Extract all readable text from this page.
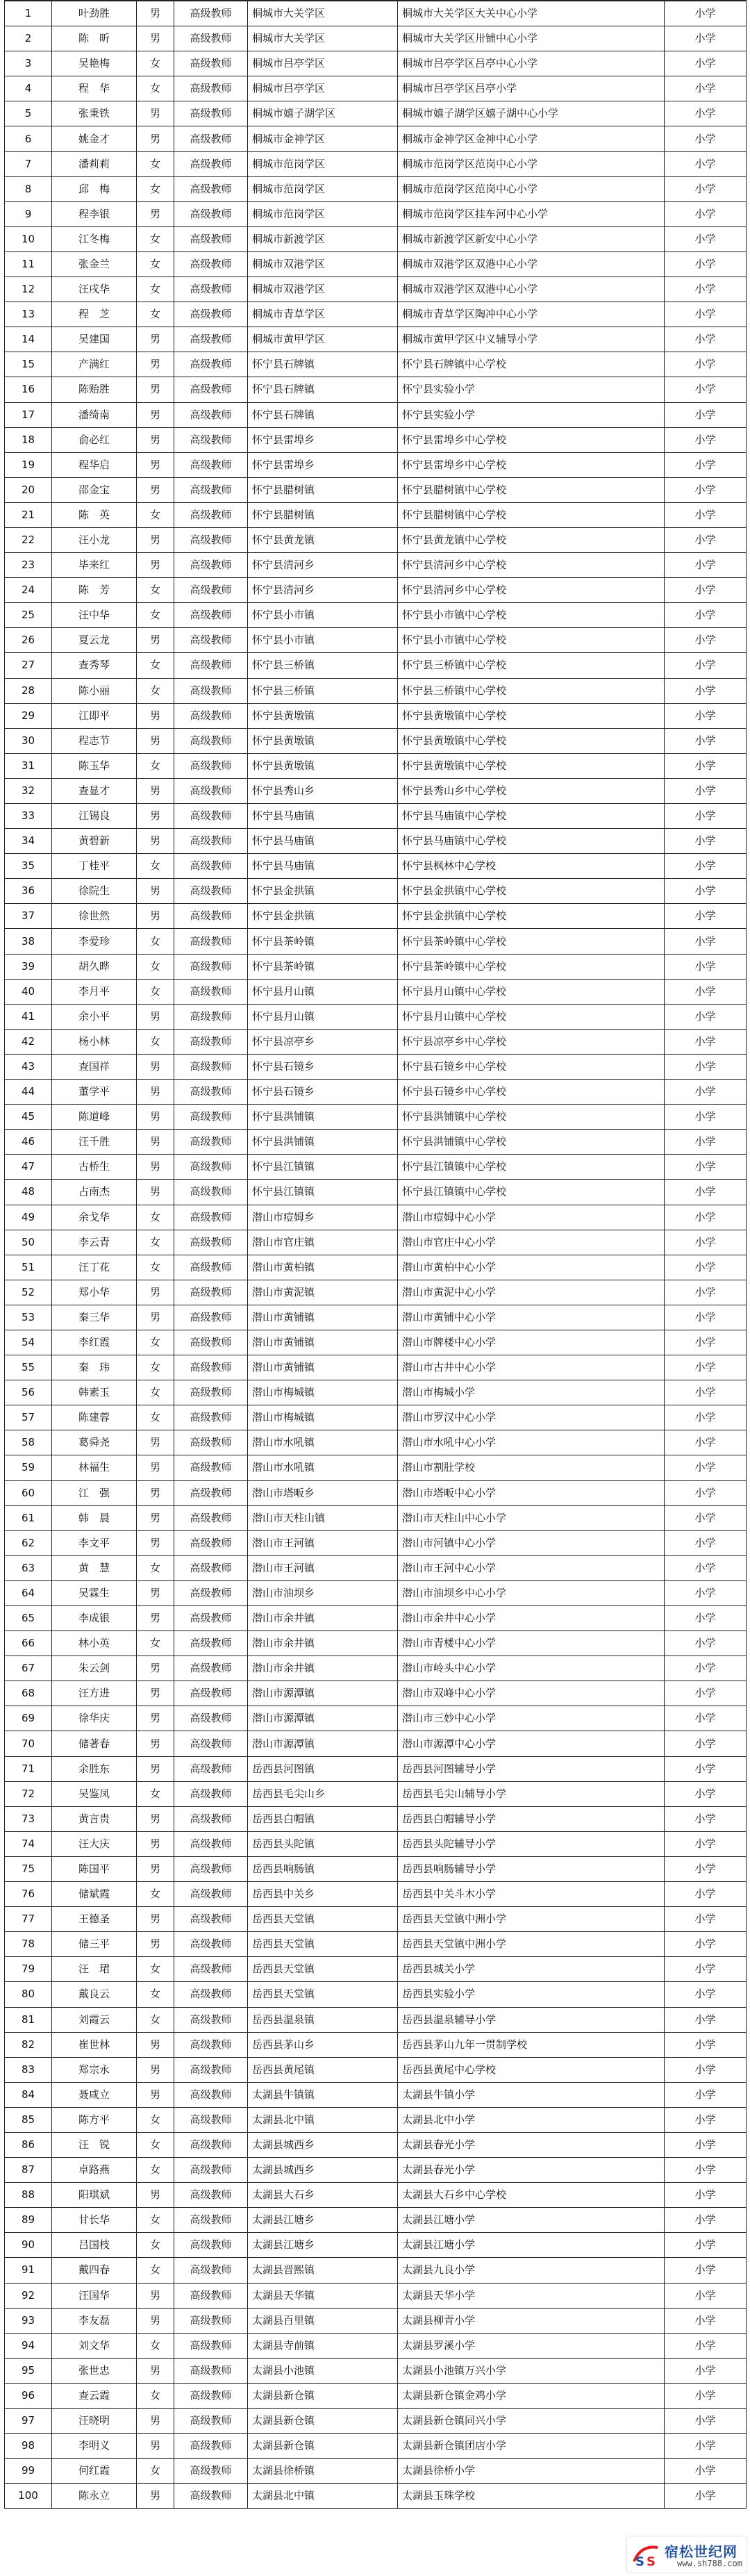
1	叶劲胜	男	高级教师	桐城市大关学区	桐城市大关学区大关中心小学	小学
2	陈　昕	男	高级教师	桐城市大关学区	桐城市大关学区卅铺中心小学	小学
3	吴艳梅	女	高级教师	桐城市吕亭学区	桐城市吕亭学区吕亭中心小学	小学
4	程　华	女	高级教师	桐城市吕亭学区	桐城市吕亭学区吕亭小学	小学
5	张秉铁	男	高级教师	桐城市嬉子湖学区	桐城市嬉子湖学区嬉子湖中心小学	小学
6	姚金才	男	高级教师	桐城市金神学区	桐城市金神学区金神中心小学	小学
7	潘莉莉	女	高级教师	桐城市范岗学区	桐城市范岗学区范岗中心小学	小学
8	邱　梅	女	高级教师	桐城市范岗学区	桐城市范岗学区范岗中心小学	小学
9	程李银	男	高级教师	桐城市范岗学区	桐城市范岗学区挂车河中心小学	小学
10	江冬梅	女	高级教师	桐城市新渡学区	桐城市新渡学区新安中心小学	小学
11	张金兰	女	高级教师	桐城市双港学区	桐城市双港学区双港中心小学	小学
12	汪戌华	女	高级教师	桐城市双港学区	桐城市双港学区双港中心小学	小学
13	程　芝	女	高级教师	桐城市青草学区	桐城市青草学区陶冲中心小学	小学
14	吴建国	男	高级教师	桐城市黄甲学区	桐城市黄甲学区中义辅导小学	小学
15	产满红	男	高级教师	怀宁县石牌镇	怀宁县石牌镇中心学校	小学
16	陈贻胜	男	高级教师	怀宁县石牌镇	怀宁县实验小学	小学
17	潘绮南	男	高级教师	怀宁县石牌镇	怀宁县实验小学	小学
18	俞必红	男	高级教师	怀宁县雷埠乡	怀宁县雷埠乡中心学校	小学
19	程华启	男	高级教师	怀宁县雷埠乡	怀宁县雷埠乡中心学校	小学
20	邵金宝	男	高级教师	怀宁县腊树镇	怀宁县腊树镇中心学校	小学
21	陈　英	女	高级教师	怀宁县腊树镇	怀宁县腊树镇中心学校	小学
22	汪小龙	男	高级教师	怀宁县黄龙镇	怀宁县黄龙镇中心学校	小学
23	毕来红	男	高级教师	怀宁县清河乡	怀宁县清河乡中心学校	小学
24	陈　芳	女	高级教师	怀宁县清河乡	怀宁县清河乡中心学校	小学
25	汪中华	女	高级教师	怀宁县小市镇	怀宁县小市镇中心学校	小学
26	夏云龙	男	高级教师	怀宁县小市镇	怀宁县小市镇中心学校	小学
27	查秀琴	女	高级教师	怀宁县三桥镇	怀宁县三桥镇中心学校	小学
28	陈小丽	女	高级教师	怀宁县三桥镇	怀宁县三桥镇中心学校	小学
29	江即平	男	高级教师	怀宁县黄墩镇	怀宁县黄墩镇中心学校	小学
30	程志节	男	高级教师	怀宁县黄墩镇	怀宁县黄墩镇中心学校	小学
31	陈玉华	女	高级教师	怀宁县黄墩镇	怀宁县黄墩镇中心学校	小学
32	查显才	男	高级教师	怀宁县秀山乡	怀宁县秀山乡中心学校	小学
33	江锡良	男	高级教师	怀宁县马庙镇	怀宁县马庙镇中心学校	小学
34	黄碧新	男	高级教师	怀宁县马庙镇	怀宁县马庙镇中心学校	小学
35	丁桂平	女	高级教师	怀宁县马庙镇	怀宁县枫林中心学校	小学
36	徐院生	男	高级教师	怀宁县金拱镇	怀宁县金拱镇中心学校	小学
37	徐世然	男	高级教师	怀宁县金拱镇	怀宁县金拱镇中心学校	小学
38	李爱珍	女	高级教师	怀宁县茶岭镇	怀宁县茶岭镇中心学校	小学
39	胡久晔	女	高级教师	怀宁县茶岭镇	怀宁县茶岭镇中心学校	小学
40	李月平	女	高级教师	怀宁县月山镇	怀宁县月山镇中心学校	小学
41	余小平	男	高级教师	怀宁县月山镇	怀宁县月山镇中心学校	小学
42	杨小林	女	高级教师	怀宁县凉亭乡	怀宁县凉亭乡中心学校	小学
43	查国祥	男	高级教师	怀宁县石镜乡	怀宁县石镜乡中心学校	小学
44	董学平	男	高级教师	怀宁县石镜乡	怀宁县石镜乡中心学校	小学
45	陈道峰	男	高级教师	怀宁县洪铺镇	怀宁县洪铺镇中心学校	小学
46	汪千胜	男	高级教师	怀宁县洪铺镇	怀宁县洪铺镇中心学校	小学
47	古桥生	男	高级教师	怀宁县江镇镇	怀宁县江镇镇中心学校	小学
48	占南杰	男	高级教师	怀宁县江镇镇	怀宁县江镇镇中心学校	小学
49	余戈华	女	高级教师	潜山市痘姆乡	潜山市痘姆中心小学	小学
50	李云青	女	高级教师	潜山市官庄镇	潜山市官庄中心小学	小学
51	汪丁花	女	高级教师	潜山市黄柏镇	潜山市黄柏中心小学	小学
52	郑小华	男	高级教师	潜山市黄泥镇	潜山市黄泥中心小学	小学
53	秦三华	男	高级教师	潜山市黄铺镇	潜山市黄铺中心小学	小学
54	李红霞	女	高级教师	潜山市黄铺镇	潜山市牌楼中心小学	小学
55	秦　玮	女	高级教师	潜山市黄铺镇	潜山市古井中心小学	小学
56	韩素玉	女	高级教师	潜山市梅城镇	潜山市梅城小学	小学
57	陈建蓉	女	高级教师	潜山市梅城镇	潜山市罗汉中心小学	小学
58	葛舜尧	男	高级教师	潜山市水吼镇	潜山市水吼中心小学	小学
59	林福生	男	高级教师	潜山市水吼镇	潜山市割肚学校	小学
60	江　强	男	高级教师	潜山市塔畈乡	潜山市塔畈中心小学	小学
61	韩　晨	男	高级教师	潜山市天柱山镇	潜山市天柱山中心小学	小学
62	李文平	男	高级教师	潜山市王河镇	潜山市河镇中心小学	小学
63	黄　慧	女	高级教师	潜山市王河镇	潜山市王河中心小学	小学
64	吴霖生	男	高级教师	潜山市油坝乡	潜山市油坝乡中心小学	小学
65	李成银	男	高级教师	潜山市余井镇	潜山市余井中心小学	小学
66	林小英	女	高级教师	潜山市余井镇	潜山市青楼中心小学	小学
67	朱云剑	男	高级教师	潜山市余井镇	潜山市岭头中心小学	小学
68	汪方进	男	高级教师	潜山市源潭镇	潜山市双峰中心小学	小学
69	徐华庆	男	高级教师	潜山市源潭镇	潜山市三妙中心小学	小学
70	储著春	男	高级教师	潜山市源潭镇	潜山市源潭中心小学	小学
71	余胜东	男	高级教师	岳西县河图镇	岳西县河图辅导小学	小学
72	吴鉴凤	女	高级教师	岳西县毛尖山乡	岳西县毛尖山辅导小学	小学
73	黄言贵	男	高级教师	岳西县白帽镇	岳西县白帽辅导小学	小学
74	汪大庆	男	高级教师	岳西县头陀镇	岳西县头陀辅导小学	小学
75	陈国平	男	高级教师	岳西县响肠镇	岳西县响肠辅导小学	小学
76	储斌霞	女	高级教师	岳西县中关乡	岳西县中关斗木小学	小学
77	王德圣	男	高级教师	岳西县天堂镇	岳西县天堂镇中洲小学	小学
78	储三平	男	高级教师	岳西县天堂镇	岳西县天堂镇中洲小学	小学
79	汪　珺	女	高级教师	岳西县天堂镇	岳西县城关小学	小学
80	戴良云	女	高级教师	岳西县天堂镇	岳西县实验小学	小学
81	刘霞云	女	高级教师	岳西县温泉镇	岳西县温泉辅导小学	小学
82	崔世林	男	高级教师	岳西县茅山乡	岳西县茅山九年一贯制学校	小学
83	郑宗永	男	高级教师	岳西县黄尾镇	岳西县黄尾中心学校	小学
84	聂咸立	男	高级教师	太湖县牛镇镇	太湖县牛镇小学	小学
85	陈方平	女	高级教师	太湖县北中镇	太湖县北中小学	小学
86	汪　锐	女	高级教师	太湖县城西乡	太湖县春光小学	小学
87	卓路燕	女	高级教师	太湖县城西乡	太湖县春光小学	小学
88	阳琪斌	男	高级教师	太湖县大石乡	太湖县大石乡中心学校	小学
89	甘长华	女	高级教师	太湖县江塘乡	太湖县江塘小学	小学
90	吕国枝	女	高级教师	太湖县江塘乡	太湖县江塘小学	小学
91	戴四春	女	高级教师	太湖县晋熙镇	太湖县九良小学	小学
92	汪国华	男	高级教师	太湖县天华镇	太湖县天华小学	小学
93	李友磊	男	高级教师	太湖县百里镇	太湖县柳青小学	小学
94	刘文华	女	高级教师	太湖县寺前镇	太湖县罗溪小学	小学
95	张世忠	男	高级教师	太湖县小池镇	太湖县小池镇万兴小学	小学
96	查云霞	女	高级教师	太湖县新仓镇	太湖县新仓镇金鸡小学	小学
97	汪晓明	男	高级教师	太湖县新仓镇	太湖县新仓镇同兴小学	小学
98	李明义	男	高级教师	太湖县新仓镇	太湖县新仓镇团店小学	小学
99	何红霞	女	高级教师	太湖县徐桥镇	太湖县徐桥小学	小学
100	陈永立	男	高级教师	太湖县北中镇	太湖县玉珠学校	小学
S S
宿松世纪网
www.sh788.com
